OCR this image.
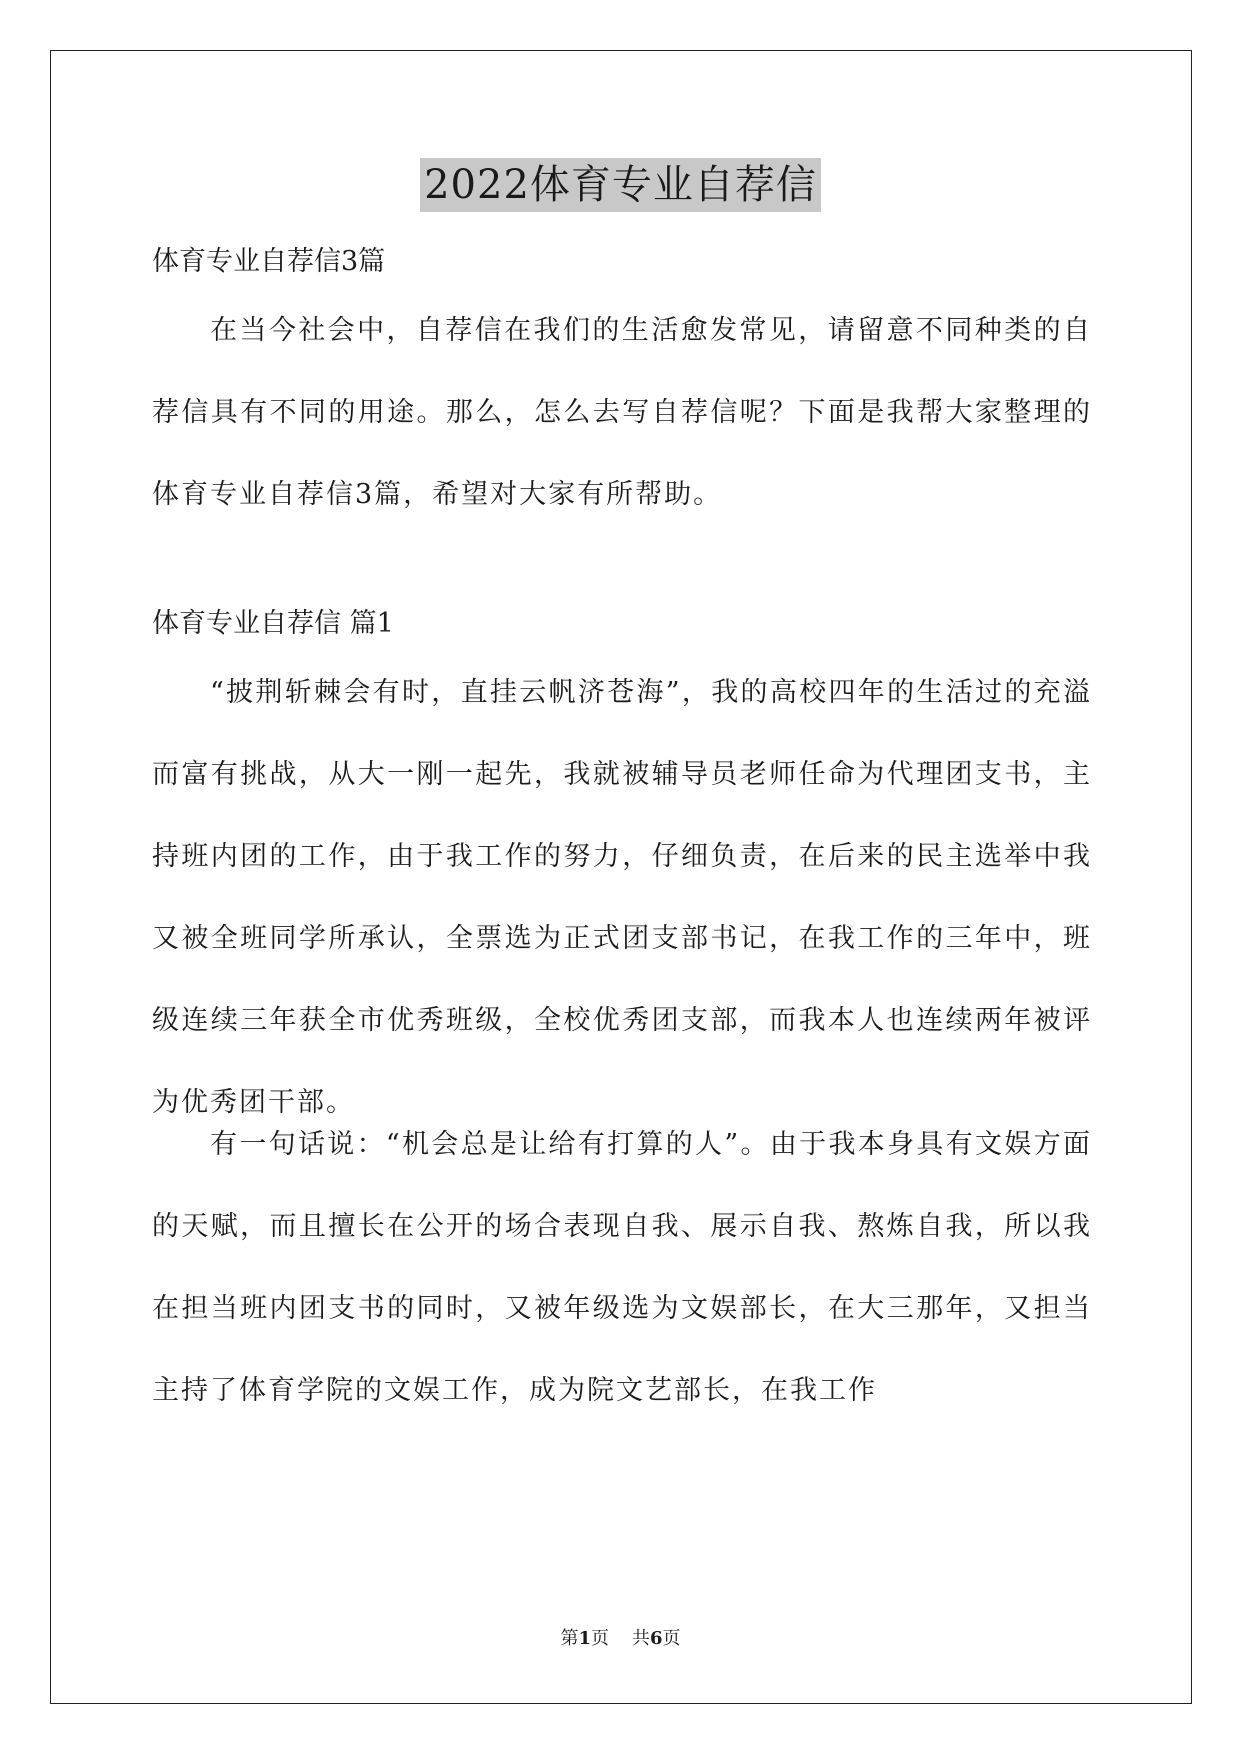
2022体育专业自荐信
体育专业自荐信3篇

在当今社会中，自荐信在我们的生活愈发常见，请留意不同种类的自荐信具有不同的用途。那么，怎么去写自荐信呢？下面是我帮大家整理的体育专业自荐信3篇，希望对大家有所帮助。

体育专业自荐信 篇1

“披荆斩棘会有时，直挂云帆济苍海”，我的高校四年的生活过的充溢而富有挑战，从大一刚一起先，我就被辅导员老师任命为代理团支书，主持班内团的工作，由于我工作的努力，仔细负责，在后来的民主选举中我又被全班同学所承认，全票选为正式团支部书记，在我工作的三年中，班级连续三年获全市优秀班级，全校优秀团支部，而我本人也连续两年被评为优秀团干部。

有一句话说：“机会总是让给有打算的人”。由于我本身具有文娱方面的天赋，而且擅长在公开的场合表现自我、展示自我、熬炼自我，所以我在担当班内团支书的同时，又被年级选为文娱部长，在大三那年，又担当主持了体育学院的文娱工作，成为院文艺部长，在我工作

第1页    共6页
